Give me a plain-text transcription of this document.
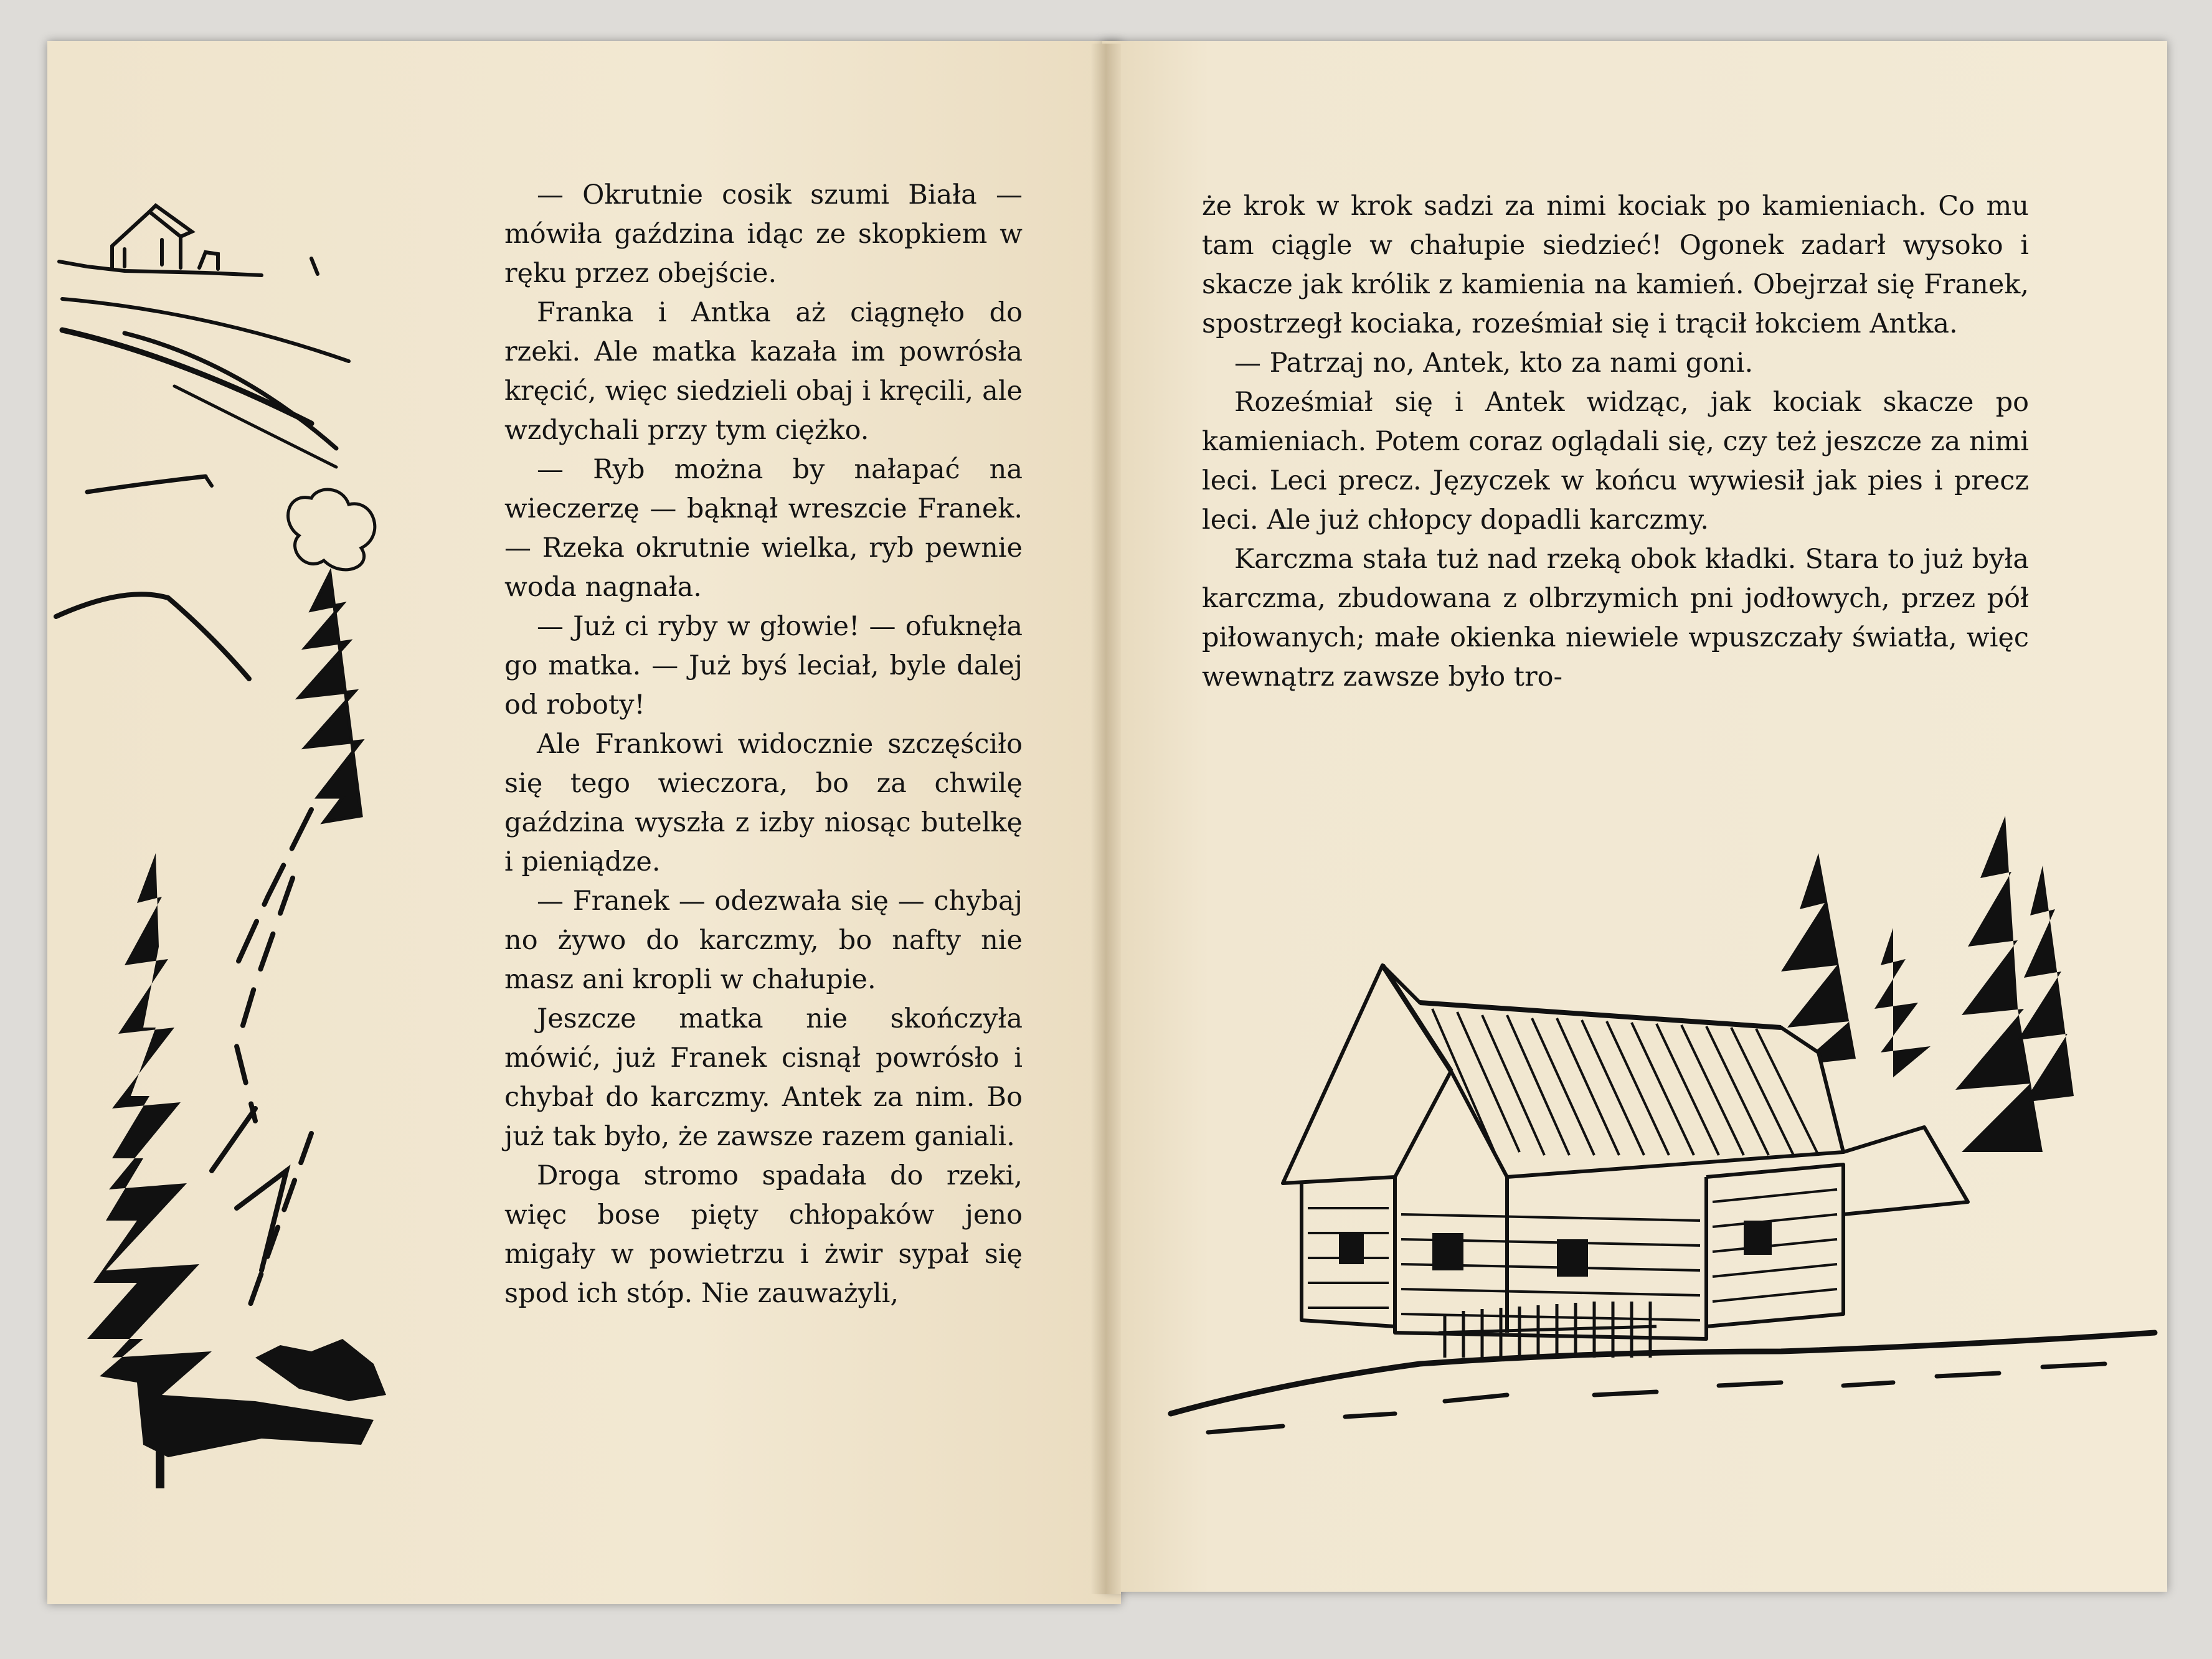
— Okrutnie cosik szumi Biała — mówiła gaździna idąc ze skopkiem w ręku przez obejście.

Franka i Antka aż ciągnęło do rzeki. Ale matka kazała im powrósła kręcić, więc siedzieli obaj i kręcili, ale wzdychali przy tym ciężko.

— Ryb można by nałapać na wieczerzę — bąknął wreszcie Franek. — Rzeka okrutnie wielka, ryb pewnie woda nagnała.

— Już ci ryby w głowie! — ofuknęła go matka. — Już byś leciał, byle dalej od roboty!

Ale Frankowi widocznie szczęściło się tego wieczora, bo za chwilę gaździna wyszła z izby niosąc butelkę i pieniądze.

— Franek — odezwała się — chybaj no żywo do karczmy, bo nafty nie masz ani kropli w chałupie.

Jeszcze matka nie skończyła mówić, już Franek cisnął powrósło i chybał do karczmy. Antek za nim. Bo już tak było, że zawsze razem ganiali.

Droga stromo spadała do rzeki, więc bose pięty chłopaków jeno migały w powietrzu i żwir sypał się spod ich stóp. Nie zauważyli,

że krok w krok sadzi za nimi kociak po kamieniach. Co mu tam ciągle w chałupie siedzieć! Ogonek zadarł wysoko i skacze jak królik z kamienia na kamień. Obejrzał się Franek, spostrzegł kociaka, roześmiał się i trącił łokciem Antka.

— Patrzaj no, Antek, kto za nami goni.

Roześmiał się i Antek widząc, jak kociak skacze po kamieniach. Potem coraz oglądali się, czy też jeszcze za nimi leci. Leci precz. Języczek w końcu wywiesił jak pies i precz leci. Ale już chłopcy dopadli karczmy.

Karczma stała tuż nad rzeką obok kładki. Stara to już była karczma, zbudowana z olbrzymich pni jodłowych, przez pół piłowanych; małe okienka niewiele wpuszczały światła, więc wewnątrz zawsze było tro-
